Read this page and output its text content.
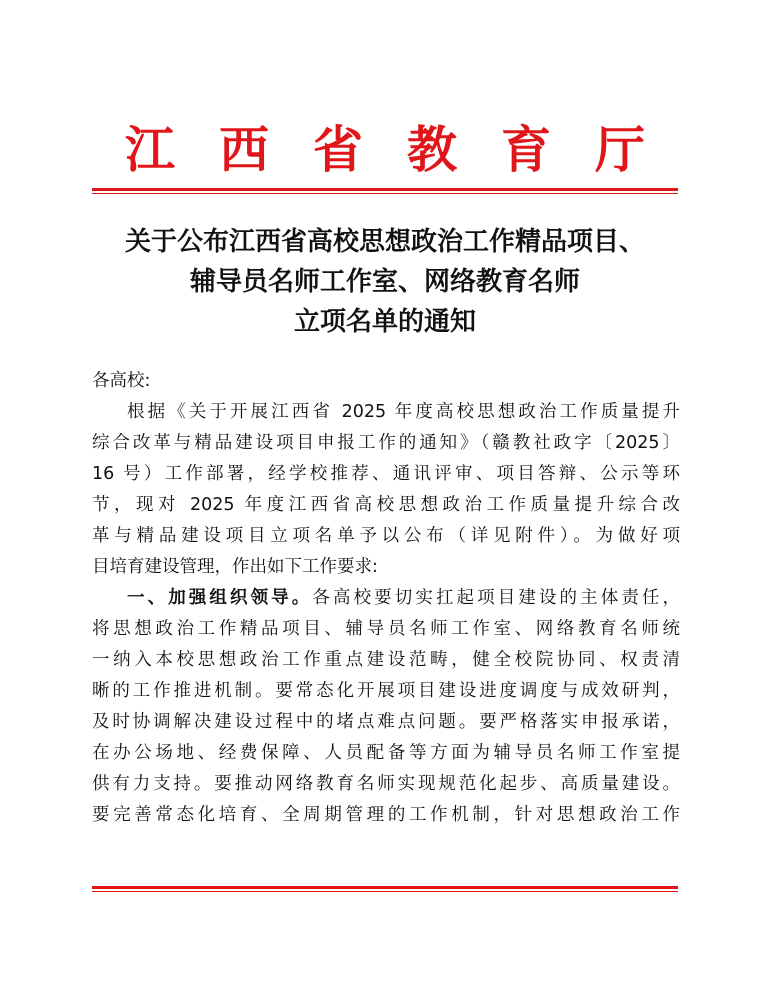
江 西 省 教 育 厅
关于公布江西省高校思想政治工作精品项目、
辅导员名师工作室、网络教育名师
立项名单的通知
各高校:
根据《关于开展江西省 2025 年度高校思想政治工作质量提升
综合改革与精品建设项目申报工作的通知》（赣教社政字〔2025〕
16 号）工作部署，经学校推荐、通讯评审、项目答辩、公示等环
节，现对 2025 年度江西省高校思想政治工作质量提升综合改
革与精品建设项目立项名单予以公布（详见附件）。为做好项
目培育建设管理，作出如下工作要求:
一、加强组织领导。各高校要切实扛起项目建设的主体责任，
将思想政治工作精品项目、辅导员名师工作室、网络教育名师统
一纳入本校思想政治工作重点建设范畴，健全校院协同、权责清
晰的工作推进机制。要常态化开展项目建设进度调度与成效研判，
及时协调解决建设过程中的堵点难点问题。要严格落实申报承诺，
在办公场地、经费保障、人员配备等方面为辅导员名师工作室提
供有力支持。要推动网络教育名师实现规范化起步、高质量建设。
要完善常态化培育、全周期管理的工作机制，针对思想政治工作
